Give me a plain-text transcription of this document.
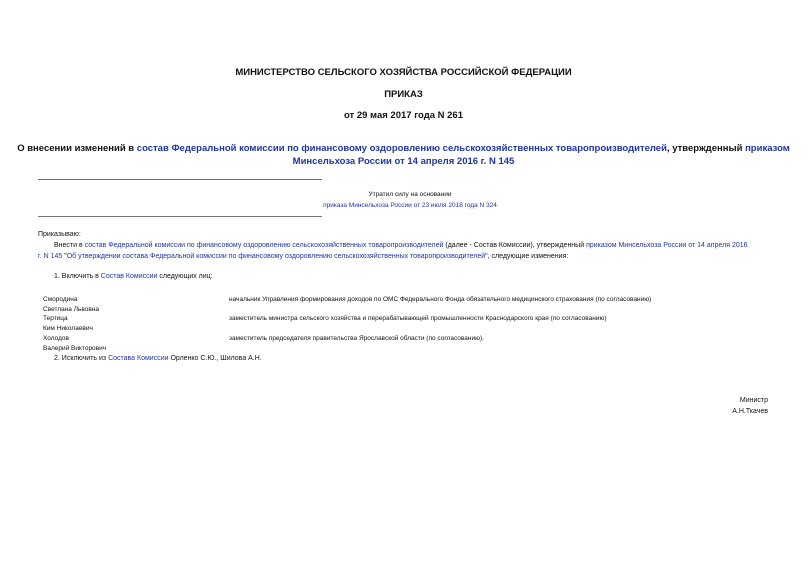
МИНИСТЕРСТВО СЕЛЬСКОГО ХОЗЯЙСТВА РОССИЙСКОЙ ФЕДЕРАЦИИ
ПРИКАЗ
от 29 мая 2017 года N 261
О внесении изменений в состав Федеральной комиссии по финансовому оздоровлению сельскохозяйственных товаропроизводителей, утвержденный приказом
Минсельхоза России от 14 апреля 2016 г. N 145
Утратил силу на основании
приказа Минсельхоза России от 23 июля 2018 года N 324
Приказываю:
Внести в состав Федеральной комиссии по финансовому оздоровлению сельскохозяйственных товаропроизводителей (далее - Состав Комиссии), утвержденный приказом Минсельхоза России от 14 апреля 2016
г. N 145 "Об утверждении состава Федеральной комиссии по финансовому оздоровлению сельскохозяйственных товаропроизводителей", следующие изменения:
1. Включить в Состав Комиссии следующих лиц:
Смородина
Светлана Львовна
начальник Управления формирования доходов по ОМС Федерального Фонда обязательного медицинского страхования (по согласованию)
Тертица
Ким Николаевич
заместитель министра сельского хозяйства и перерабатывающей промышленности Краснодарского края (по согласованию)
Холодов
Валерий Викторович
заместитель председателя правительства Ярославской области (по согласованию).
2. Исключить из Состава Комиссии Орленко С.Ю., Шилова А.Н.
Министр
А.Н.Ткачев
